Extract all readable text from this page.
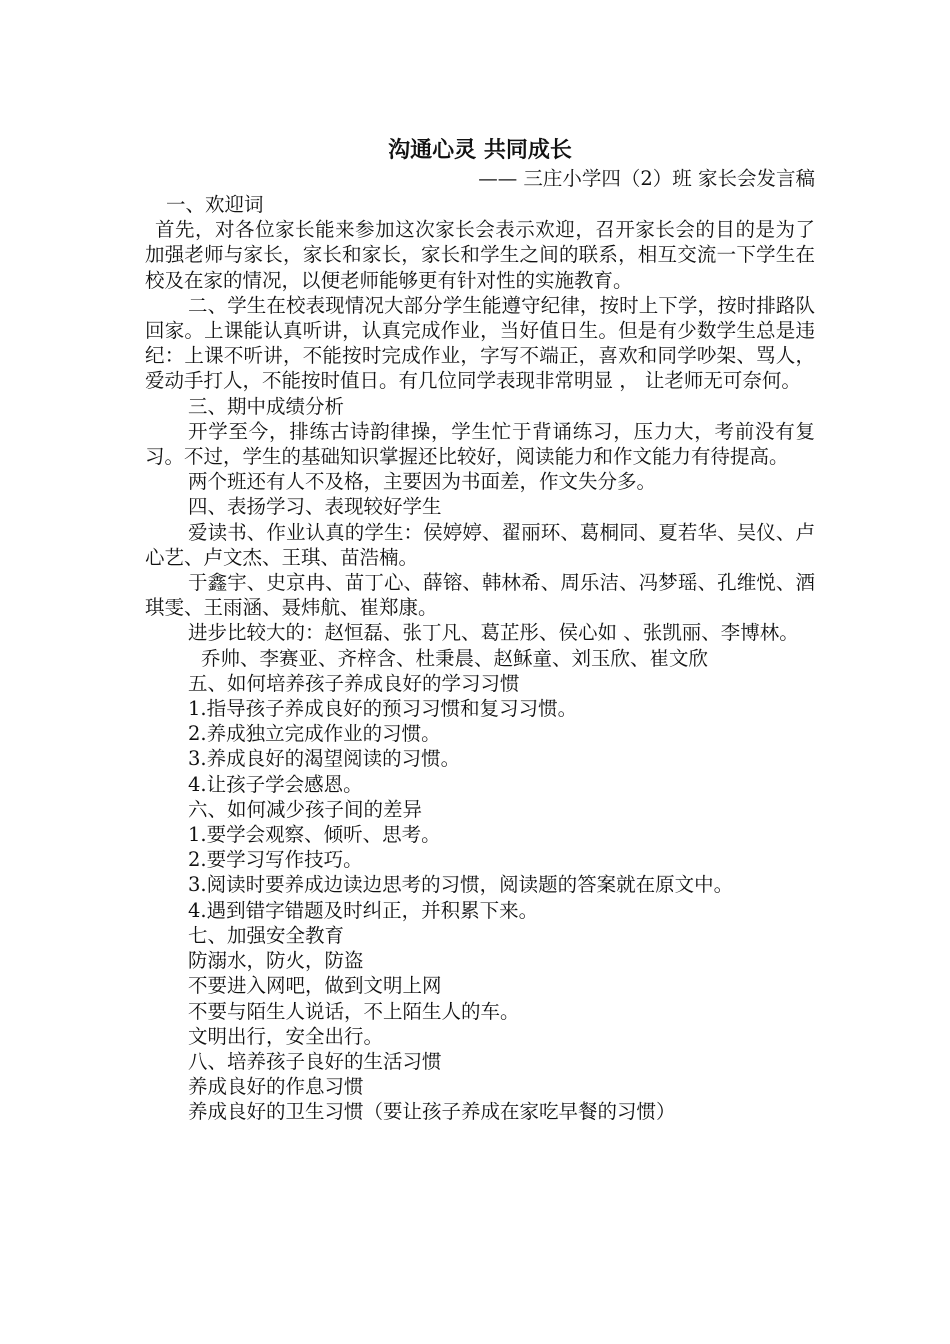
沟通心灵 共同成长
—— 三庄小学四（2）班 家长会发言稿

一、欢迎词

首先，对各位家长能来参加这次家长会表示欢迎，召开家长会的目的是为了加强老师与家长，家长和家长，家长和学生之间的联系，相互交流一下学生在校及在家的情况，以便老师能够更有针对性的实施教育。

二、学生在校表现情况大部分学生能遵守纪律，按时上下学，按时排路队回家。上课能认真听讲，认真完成作业，当好值日生。但是有少数学生总是违纪：上课不听讲，不能按时完成作业，字写不端正，喜欢和同学吵架、骂人，爱动手打人，不能按时值日。有几位同学表现非常明显 ， 让老师无可奈何。

三、期中成绩分析

开学至今，排练古诗韵律操，学生忙于背诵练习，压力大，考前没有复习。不过，学生的基础知识掌握还比较好，阅读能力和作文能力有待提高。

两个班还有人不及格，主要因为书面差，作文失分多。

四、表扬学习、表现较好学生

爱读书、作业认真的学生：侯婷婷、翟丽环、葛桐同、夏若华、吴仪、卢心艺、卢文杰、王琪、苗浩楠。

于鑫宇、史京冉、苗丁心、薛镕、韩林希、周乐洁、冯梦瑶、孔维悦、酒琪雯、王雨涵、聂炜航、崔郑康。

进步比较大的：赵恒磊、张丁凡、葛芷彤、侯心如 、张凯丽、李博林。

乔帅、李赛亚、齐梓含、杜秉晨、赵稣童、刘玉欣、崔文欣

五、如何培养孩子养成良好的学习习惯

1.指导孩子养成良好的预习习惯和复习习惯。

2.养成独立完成作业的习惯。

3.养成良好的渴望阅读的习惯。

4.让孩子学会感恩。

六、如何减少孩子间的差异

1.要学会观察、倾听、思考。

2.要学习写作技巧。

3.阅读时要养成边读边思考的习惯，阅读题的答案就在原文中。

4.遇到错字错题及时纠正，并积累下来。

七、加强安全教育

防溺水，防火，防盗

不要进入网吧，做到文明上网

不要与陌生人说话，不上陌生人的车。

文明出行，安全出行。

八、培养孩子良好的生活习惯

养成良好的作息习惯

养成良好的卫生习惯（要让孩子养成在家吃早餐的习惯）
